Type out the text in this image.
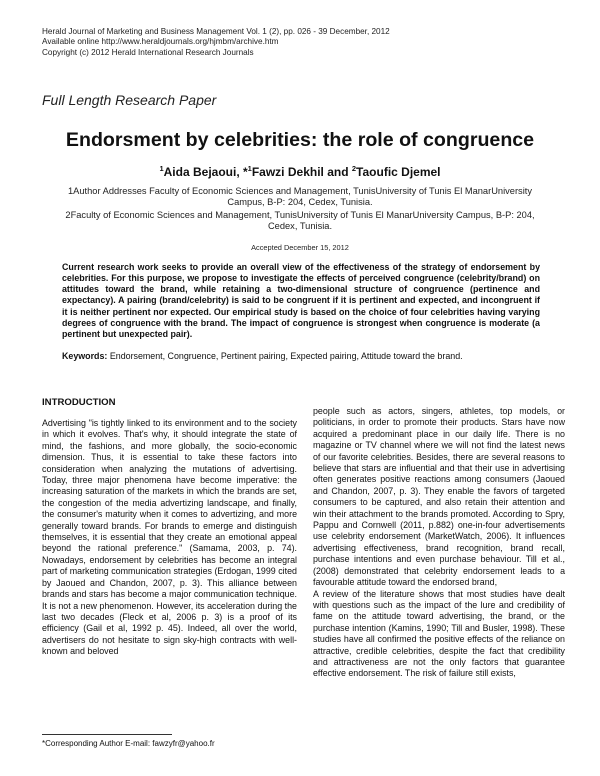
Herald Journal of Marketing and Business Management Vol. 1 (2), pp. 026 - 39 December, 2012
Available online http://www.heraldjournals.org/hjmbm/archive.htm
Copyright (c) 2012 Herald International Research Journals
Full Length Research Paper
Endorsment by celebrities: the role of congruence
$^1$Aida Bejaoui, *$^1$Fawzi Dekhil and $^2$Taoufic Djemel

1Author Addresses Faculty of Economic Sciences and Management, TunisUniversity of Tunis El ManarUniversity Campus, B-P: 204, Cedex, Tunisia.

2Faculty of Economic Sciences and Management, TunisUniversity of Tunis El ManarUniversity Campus, B-P: 204, Cedex, Tunisia.

Accepted December 15, 2012
Current research work seeks to provide an overall view of the effectiveness of the strategy of endorsement by celebrities. For this purpose, we propose to investigate the effects of perceived congruence (celebrity/brand) on attitudes toward the brand, while retaining a two-dimensional structure of congruence (pertinence and expectancy). A pairing (brand/celebrity) is said to be congruent if it is pertinent and expected, and incongruent if it is neither pertinent nor expected. Our empirical study is based on the choice of four celebrities having varying degrees of congruence with the brand. The impact of congruence is strongest when congruence is moderate (a pertinent but unexpected pair).
Keywords: Endorsement, Congruence, Pertinent pairing, Expected pairing, Attitude toward the brand.
INTRODUCTION

Advertising "is tightly linked to its environment and to the society in which it evolves. That's why, it should integrate the state of mind, the fashions, and more globally, the socio-economic dimension. Thus, it is essential to take these factors into consideration when analyzing the mutations of advertising. Today, three major phenomena have become imperative: the increasing saturation of the markets in which the brands are set, the congestion of the media advertizing landscape, and finally, the consumer's maturity when it comes to advertizing, and more generally toward brands. For brands to emerge and distinguish themselves, it is essential that they create an emotional appeal beyond the rational preference." (Samama, 2003, p. 74). Nowadays, endorsement by celebrities has become an integral part of marketing communication strategies (Erdogan, 1999 cited by Jaoued and Chandon, 2007, p. 3). This alliance between brands and stars has become a major communication technique. It is not a new phenomenon. However, its acceleration during the last two decades (Fleck et al, 2006 p. 3) is a proof of its efficiency (Gail et al, 1992 p. 45). Indeed, all over the world, advertisers do not hesitate to sign sky-high contracts with well-known and beloved

people such as actors, singers, athletes, top models, or politicians, in order to promote their products. Stars have now acquired a predominant place in our daily life. There is no magazine or TV channel where we will not find the latest news of our favorite celebrities. Besides, there are several reasons to believe that stars are influential and that their use in advertising often generates positive reactions among consumers (Jaoued and Chandon, 2007, p. 3). They enable the favors of targeted consumers to be captured, and also retain their attention and win their attachment to the brands promoted. According to Spry, Pappu and Cornwell (2011, p.882) one-in-four advertisements use celebrity endorsement (MarketWatch, 2006). It influences advertising effectiveness, brand recognition, brand recall, purchase intentions and even purchase behaviour. Till et al., (2008) demonstrated that celebrity endorsement leads to a favourable attitude toward the endorsed brand,

A review of the literature shows that most studies have dealt with questions such as the impact of the lure and credibility of fame on the attitude toward advertising, the brand, or the purchase intention (Kamins, 1990; Till and Busler, 1998). These studies have all confirmed the positive effects of the reliance on attractive, credible celebrities, despite the fact that credibility and attractiveness are not the only factors that guarantee effective endorsement. The risk of failure still exists,

*Corresponding Author E-mail: fawzyfr@yahoo.fr
